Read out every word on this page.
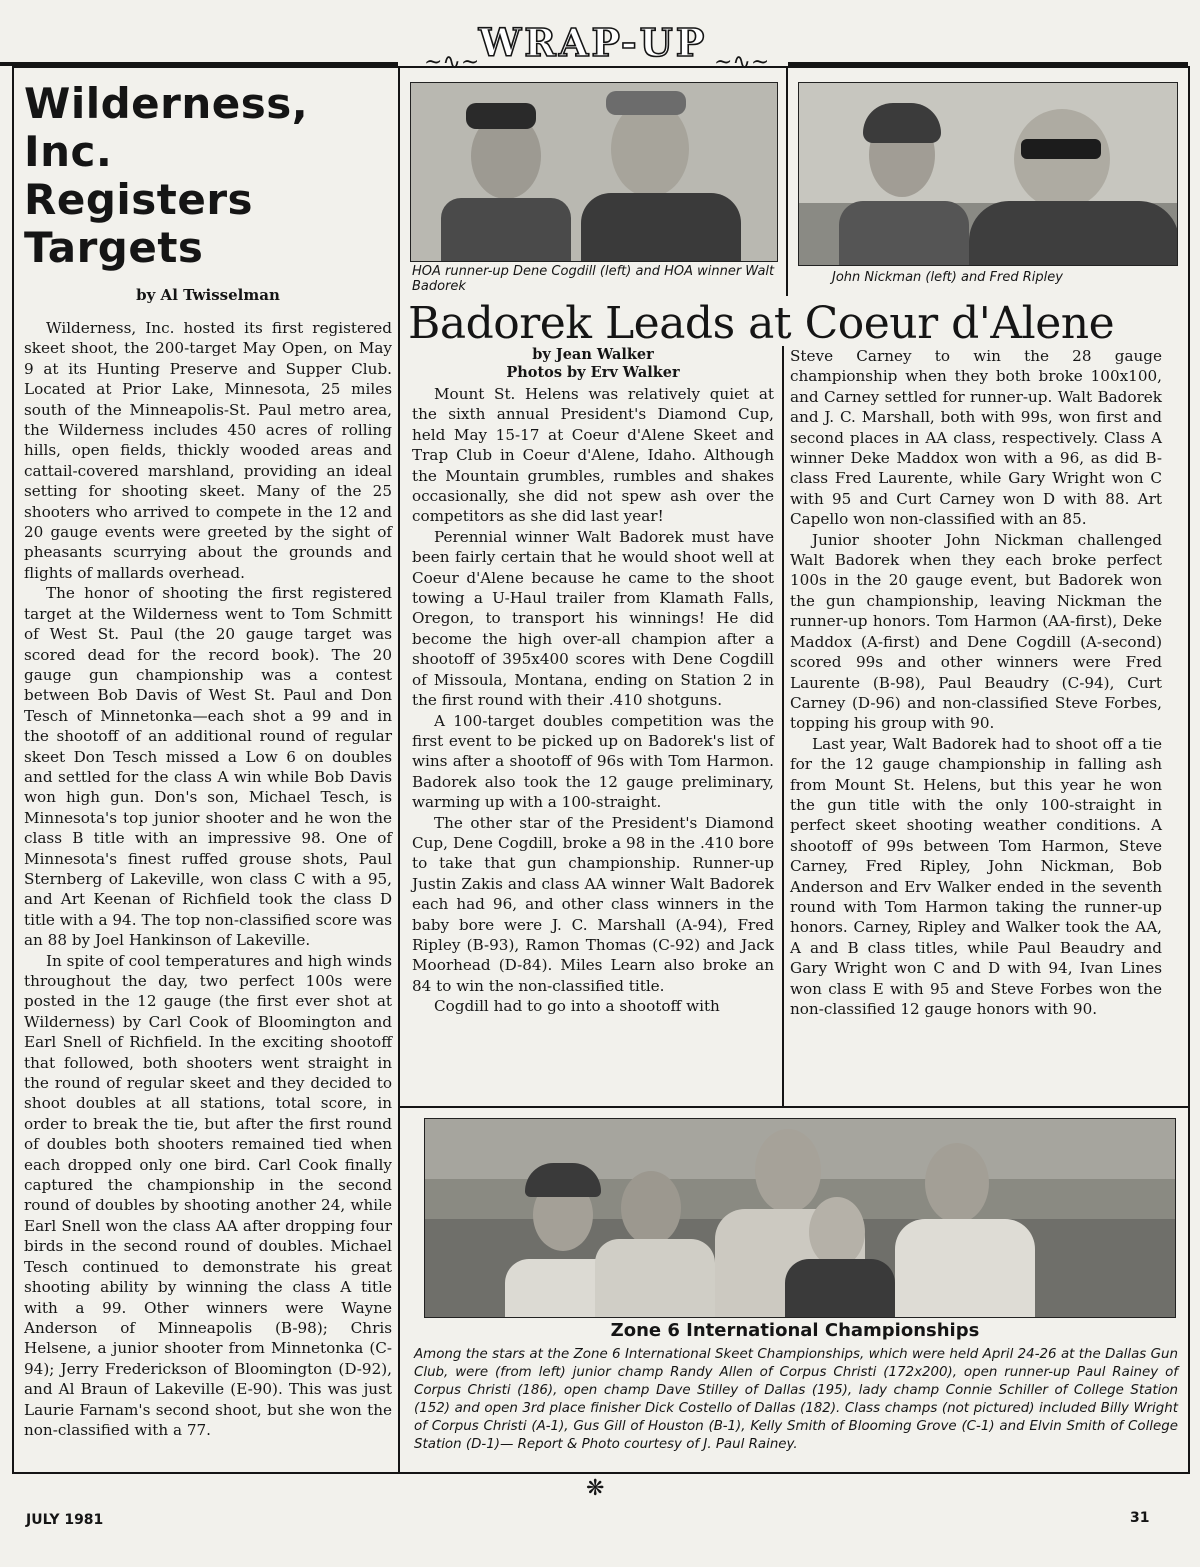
~∿~ WRAP-UP ~∿~
Wilderness, Inc.
Registers Targets
by Al Twisselman

Wilderness, Inc. hosted its first registered skeet shoot, the 200-target May Open, on May 9 at its Hunting Preserve and Supper Club. Located at Prior Lake, Minnesota, 25 miles south of the Minneapolis-St. Paul metro area, the Wilderness includes 450 acres of rolling hills, open fields, thickly wooded areas and cattail-covered marshland, providing an ideal setting for shooting skeet. Many of the 25 shooters who arrived to compete in the 12 and 20 gauge events were greeted by the sight of pheasants scurrying about the grounds and flights of mallards overhead.

The honor of shooting the first registered target at the Wilderness went to Tom Schmitt of West St. Paul (the 20 gauge target was scored dead for the record book). The 20 gauge gun championship was a contest between Bob Davis of West St. Paul and Don Tesch of Minnetonka—each shot a 99 and in the shootoff of an additional round of regular skeet Don Tesch missed a Low 6 on doubles and settled for the class A win while Bob Davis won high gun. Don's son, Michael Tesch, is Minnesota's top junior shooter and he won the class B title with an impressive 98. One of Minnesota's finest ruffed grouse shots, Paul Sternberg of Lakeville, won class C with a 95, and Art Keenan of Richfield took the class D title with a 94. The top non-classified score was an 88 by Joel Hankinson of Lakeville.

In spite of cool temperatures and high winds throughout the day, two perfect 100s were posted in the 12 gauge (the first ever shot at Wilderness) by Carl Cook of Bloomington and Earl Snell of Richfield. In the exciting shootoff that followed, both shooters went straight in the round of regular skeet and they decided to shoot doubles at all stations, total score, in order to break the tie, but after the first round of doubles both shooters remained tied when each dropped only one bird. Carl Cook finally captured the championship in the second round of doubles by shooting another 24, while Earl Snell won the class AA after dropping four birds in the second round of doubles. Michael Tesch continued to demonstrate his great shooting ability by winning the class A title with a 99. Other winners were Wayne Anderson of Minneapolis (B-98); Chris Helsene, a junior shooter from Minnetonka (C-94); Jerry Frederickson of Bloomington (D-92), and Al Braun of Lakeville (E-90). This was just Laurie Farnam's second shoot, but she won the non-classified with a 77.

HOA runner-up Dene Cogdill (left) and HOA winner Walt Badorek
John Nickman (left) and Fred Ripley
Badorek Leads at Coeur d'Alene
by Jean Walker
Photos by Erv Walker

Mount St. Helens was relatively quiet at the sixth annual President's Diamond Cup, held May 15-17 at Coeur d'Alene Skeet and Trap Club in Coeur d'Alene, Idaho. Although the Mountain grumbles, rumbles and shakes occasionally, she did not spew ash over the competitors as she did last year!

Perennial winner Walt Badorek must have been fairly certain that he would shoot well at Coeur d'Alene because he came to the shoot towing a U-Haul trailer from Klamath Falls, Oregon, to transport his winnings! He did become the high over-all champion after a shootoff of 395x400 scores with Dene Cogdill of Missoula, Montana, ending on Station 2 in the first round with their .410 shotguns.

A 100-target doubles competition was the first event to be picked up on Badorek's list of wins after a shootoff of 96s with Tom Harmon. Badorek also took the 12 gauge preliminary, warming up with a 100-straight.

The other star of the President's Diamond Cup, Dene Cogdill, broke a 98 in the .410 bore to take that gun championship. Runner-up Justin Zakis and class AA winner Walt Badorek each had 96, and other class winners in the baby bore were J. C. Marshall (A-94), Fred Ripley (B-93), Ramon Thomas (C-92) and Jack Moorhead (D-84). Miles Learn also broke an 84 to win the non-classified title.

Cogdill had to go into a shootoff with

Steve Carney to win the 28 gauge championship when they both broke 100x100, and Carney settled for runner-up. Walt Badorek and J. C. Marshall, both with 99s, won first and second places in AA class, respectively. Class A winner Deke Maddox won with a 96, as did B-class Fred Laurente, while Gary Wright won C with 95 and Curt Carney won D with 88. Art Capello won non-classified with an 85.

Junior shooter John Nickman challenged Walt Badorek when they each broke perfect 100s in the 20 gauge event, but Badorek won the gun championship, leaving Nickman the runner-up honors. Tom Harmon (AA-first), Deke Maddox (A-first) and Dene Cogdill (A-second) scored 99s and other winners were Fred Laurente (B-98), Paul Beaudry (C-94), Curt Carney (D-96) and non-classified Steve Forbes, topping his group with 90.

Last year, Walt Badorek had to shoot off a tie for the 12 gauge championship in falling ash from Mount St. Helens, but this year he won the gun title with the only 100-straight in perfect skeet shooting weather conditions. A shootoff of 99s between Tom Harmon, Steve Carney, Fred Ripley, John Nickman, Bob Anderson and Erv Walker ended in the seventh round with Tom Harmon taking the runner-up honors. Carney, Ripley and Walker took the AA, A and B class titles, while Paul Beaudry and Gary Wright won C and D with 94, Ivan Lines won class E with 95 and Steve Forbes won the non-classified 12 gauge honors with 90.

Zone 6 International Championships
Among the stars at the Zone 6 International Skeet Championships, which were held April 24-26 at the Dallas Gun Club, were (from left) junior champ Randy Allen of Corpus Christi (172x200), open runner-up Paul Rainey of Corpus Christi (186), open champ Dave Stilley of Dallas (195), lady champ Connie Schiller of College Station (152) and open 3rd place finisher Dick Costello of Dallas (182). Class champs (not pictured) included Billy Wright of Corpus Christi (A-1), Gus Gill of Houston (B-1), Kelly Smith of Blooming Grove (C-1) and Elvin Smith of College Station (D-1)— Report & Photo courtesy of J. Paul Rainey.
❋
JULY 1981	31
